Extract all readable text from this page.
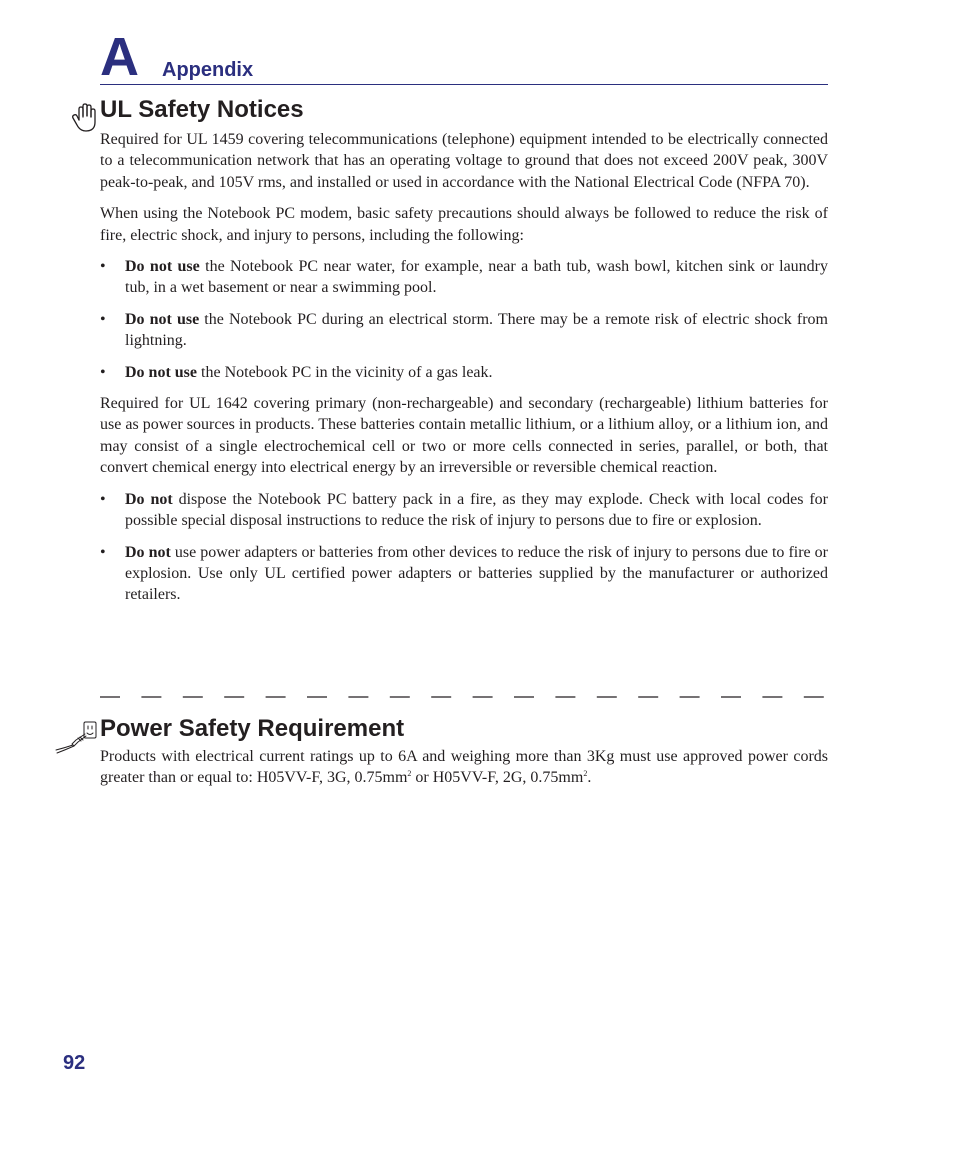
A Appendix
UL Safety Notices

Required for UL 1459 covering telecommunications (telephone) equipment intended to be electrically connected to a telecommunication network that has an operating voltage to ground that does not exceed 200V peak, 300V peak-to-peak, and 105V rms, and installed or used in accordance with the National Electrical Code (NFPA 70).

When using the Notebook PC modem, basic safety precautions should always be followed to reduce the risk of fire, electric shock, and injury to persons, including the following:

• Do not use the Notebook PC near water, for example, near a bath tub, wash bowl, kitchen sink or laundry tub, in a wet basement or near a swimming pool.
• Do not use the Notebook PC during an electrical storm. There may be a remote risk of electric shock from lightning.
• Do not use the Notebook PC in the vicinity of a gas leak.

Required for UL 1642 covering primary (non-rechargeable) and secondary (rechargeable) lithium batteries for use as power sources in products. These batteries contain metallic lithium, or a lithium alloy, or a lithium ion, and may consist of a single electrochemical cell or two or more cells connected in series, parallel, or both, that convert chemical energy into electrical energy by an irreversible or reversible chemical reaction.

• Do not dispose the Notebook PC battery pack in a fire, as they may explode. Check with local codes for possible special disposal instructions to reduce the risk of injury to persons due to fire or explosion.
• Do not use power adapters or batteries from other devices to reduce the risk of injury to persons due to fire or explosion. Use only UL certified power adapters or batteries supplied by the manufacturer or authorized retailers.
Power Safety Requirement

Products with electrical current ratings up to 6A and weighing more than 3Kg must use approved power cords greater than or equal to: H05VV-F, 3G, $0.75mm^2$ or H05VV-F, 2G, $0.75mm^2$.

92
